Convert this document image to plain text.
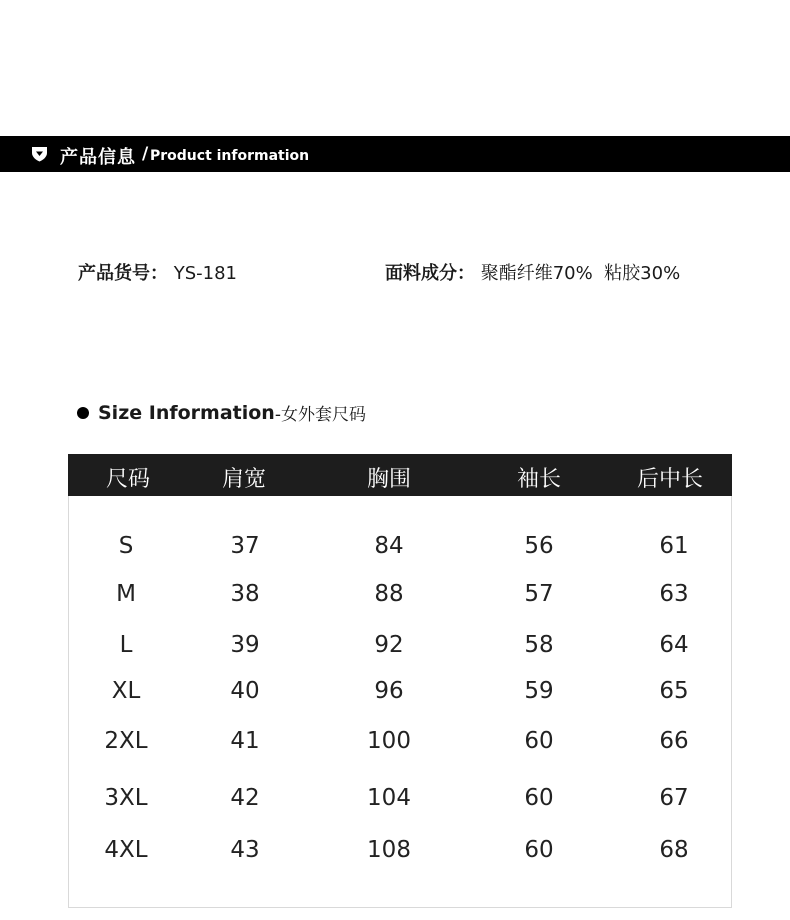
产品信息 / Product information
产品货号： YS-181	面料成分： 聚酯纤维70%  粘胶30%
Size Information -女外套尺码
尺码	肩宽	胸围	袖长	后中长
S	37	84	56	61
M	38	88	57	63
L	39	92	58	64
XL	40	96	59	65
2XL	41	100	60	66
3XL	42	104	60	67
4XL	43	108	60	68
